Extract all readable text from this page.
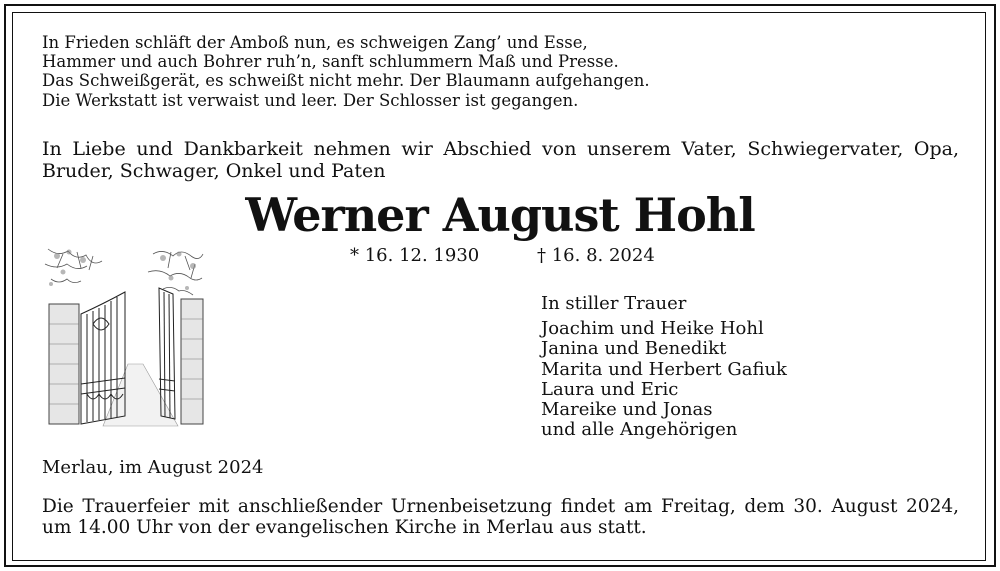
In Frieden schläft der Amboß nun, es schweigen Zang’ und Esse,
Hammer und auch Bohrer ruh’n, sanft schlummern Maß und Presse.
Das Schweißgerät, es schweißt nicht mehr. Der Blaumann aufgehangen.
Die Werkstatt ist verwaist und leer. Der Schlosser ist gegangen.
In Liebe und Dankbarkeit nehmen wir Abschied von unserem Vater, Schwiegervater, Opa, Bruder, Schwager, Onkel und Paten
Werner August Hohl
* 16. 12. 1930	† 16. 8. 2024
In stiller Trauer
Joachim und Heike Hohl
Janina und Benedikt
Marita und Herbert Gafiuk
Laura und Eric
Mareike und Jonas
und alle Angehörigen
Merlau, im August 2024
Die Trauerfeier mit anschließender Urnenbeisetzung findet am Freitag, dem 30. August 2024, um 14.00 Uhr von der evangelischen Kirche in Merlau aus statt.
